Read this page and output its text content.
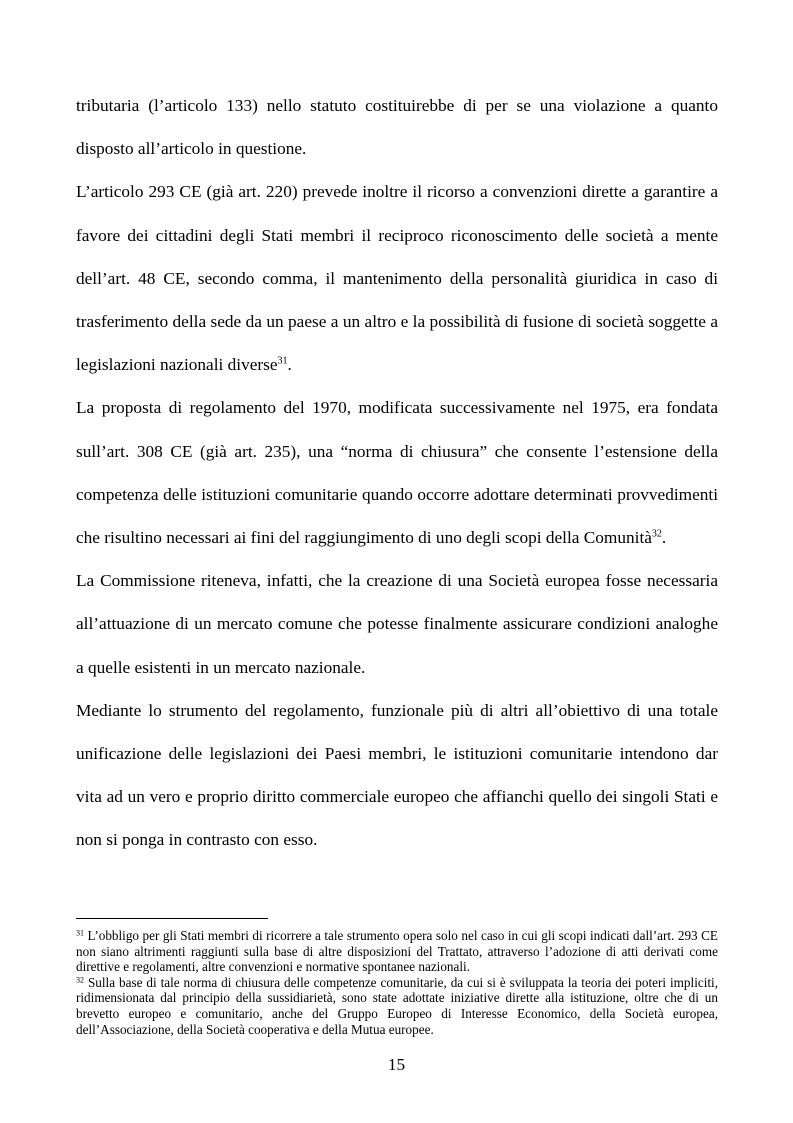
tributaria (l’articolo 133) nello statuto costituirebbe di per se una violazione a quanto disposto all’articolo in questione.

L’articolo 293 CE (già art. 220) prevede inoltre il ricorso a convenzioni dirette a garantire a favore dei cittadini degli Stati membri il reciproco riconoscimento delle società a mente dell’art. 48 CE, secondo comma, il mantenimento della personalità giuridica in caso di trasferimento della sede da un paese a un altro e la possibilità di fusione di società soggette a legislazioni nazionali diverse$^{31}$.

La proposta di regolamento del 1970, modificata successivamente nel 1975, era fondata sull’art. 308 CE (già art. 235), una “norma di chiusura” che consente l’estensione della competenza delle istituzioni comunitarie quando occorre adottare determinati provvedimenti che risultino necessari ai fini del raggiungimento di uno degli scopi della Comunità$^{32}$.

La Commissione riteneva, infatti, che la creazione di una Società europea fosse necessaria all’attuazione di un mercato comune che potesse finalmente assicurare condizioni analoghe a quelle esistenti in un mercato nazionale.

Mediante lo strumento del regolamento, funzionale più di altri all’obiettivo di una totale unificazione delle legislazioni dei Paesi membri, le istituzioni comunitarie intendono dar vita ad un vero e proprio diritto commerciale europeo che affianchi quello dei singoli Stati e non si ponga in contrasto con esso.

$^{31}$ L’obbligo per gli Stati membri di ricorrere a tale strumento opera solo nel caso in cui gli scopi indicati dall’art. 293 CE non siano altrimenti raggiunti sulla base di altre disposizioni del Trattato, attraverso l’adozione di atti derivati come direttive e regolamenti, altre convenzioni e normative spontanee nazionali.

$^{32}$ Sulla base di tale norma di chiusura delle competenze comunitarie, da cui si è sviluppata la teoria dei poteri impliciti, ridimensionata dal principio della sussidiarietà, sono state adottate iniziative dirette alla istituzione, oltre che di un brevetto europeo e comunitario, anche del Gruppo Europeo di Interesse Economico, della Società europea, dell’Associazione, della Società cooperativa e della Mutua europee.

15
